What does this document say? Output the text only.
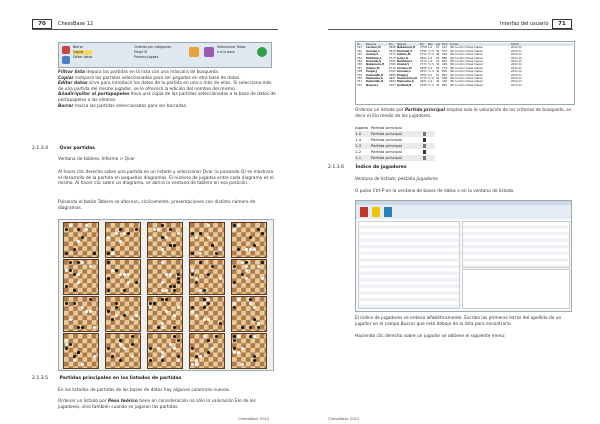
70	ChessBase 12
Borrar
Copiar
Editar datos
Ordenar por categorías
Elegir VI
Primera jugada
Seleccionar Todos
Ir a la base
Filtrar lista depura las partidas en la lista con una máscara de búsqueda.
Copiar compara las partidas seleccionadas para ser pegadas en otra base de datos.
Editar datos sirve para introducir los datos de la partida en una o más de ellas. Si selecciona más de una partida del mismo jugador, se le ofrecerá la edición del nombre del mismo.
Añadir/quitar al portapapeles lleva una copia de las partidas seleccionadas a la base de datos de portapapeles o las elimina.
Borrar marca las partidas seleccionadas para ser borradas.
2.1.3.4 Qvar partidas
Ventana de tablero, Informe > Qvar
Al hacer clic derecho sobre una partida en un listado y seleccionar Qvar (o pulsando Q) se mostrará el desarrollo de la partida en pequeños diagramas. El número de jugadas entre cada diagrama es el mismo. Al hacer clic sobre un diagrama, se abrirá la ventana de tablero en esa posición.
Pulsando el botón Tablero se alternan, cíclicamente, presentaciones con distinto número de diagramas.
2.1.3.5 Partidas principales en los listados de partidas
En los listados de partidas de las bases de datos hay algunas columnas nuevas.
Ordenar un listado por Peso teórico tiene en consideración no sólo la valoración Elo de los jugadores, sino también cuando se jugaron las partidas.
ChessBase 2012
Interfaz del usuario	71
Nº	Blancas	Elo	Negras	Elo	Res	Jug ECO Torneo	Fecha
741	Carlsen,M	2848 Nakamura,H	2758 1-0	51	A07	4th London Chess Classic	2012.12
742	Aronian,L	2815 Kramnik,V	2795 ½-½ 42	D37	4th London Chess Classic	2012.12
743	Anand,V	2775 Adams,M	2710 ½-½ 38	C65	4th London Chess Classic	2012.12
744	McShane,L	2713 Jones,G	2644 1-0	56	B90	4th London Chess Classic	2012.12
745	Kramnik,V	2795 McShane,L	2713 1-0	44	E04	4th London Chess Classic	2012.12
746	Nakamura,H	2760 Anand,V	2775 ½-½ 30	A29	4th London Chess Classic	2012.12
747	Adams,M	2710 Carlsen,M	2848 0-1	58	C78	4th London Chess Classic	2012.12
748	Polgar,J	2705 Aronian,L	2815 ½-½ 45	B30	4th London Chess Classic	2012.12
749	Kasimdzh,R	2684 Polgar,J	2705 0-1	61	B33	4th London Chess Classic	2012.12
750	Mamedov,S	2621 Ponomariov,R	2733 ½-½ 36	D85	4th London Chess Classic	2012.12
751	Kasimdzh,R	2684 Mamedov,S	2621 1-0	49	A48	4th London Chess Classic	2012.12
752	Nepom,I	2707 Gelfand,B	2738 ½-½ 33	E06	4th London Chess Classic	2012.12
Ordenar un listado por Partida principal emplea solo la valoración de los criterios de búsqueda, es decir el Elo medio de los jugadores.
Jugada Partida principal
1-0	Partida principal
1-4	Partida principal
1-3	Partida principal
1-2	Partida principal
1-1	Partida principal
2.1.3.6 Índice de jugadores
Ventana de listado, pestaña Jugadores
O pulse Ctrl-P en la ventana de bases de datos o en la ventana de listado.
El índice de jugadores se ordena alfabéticamente. Escriba las primeras letras del apellido de un jugador en el campo Buscar que está debajo de la lista para encontrarlo.
Haciendo clic derecho sobre un jugador se obtiene el siguiente menú:
ChessBase 2012
